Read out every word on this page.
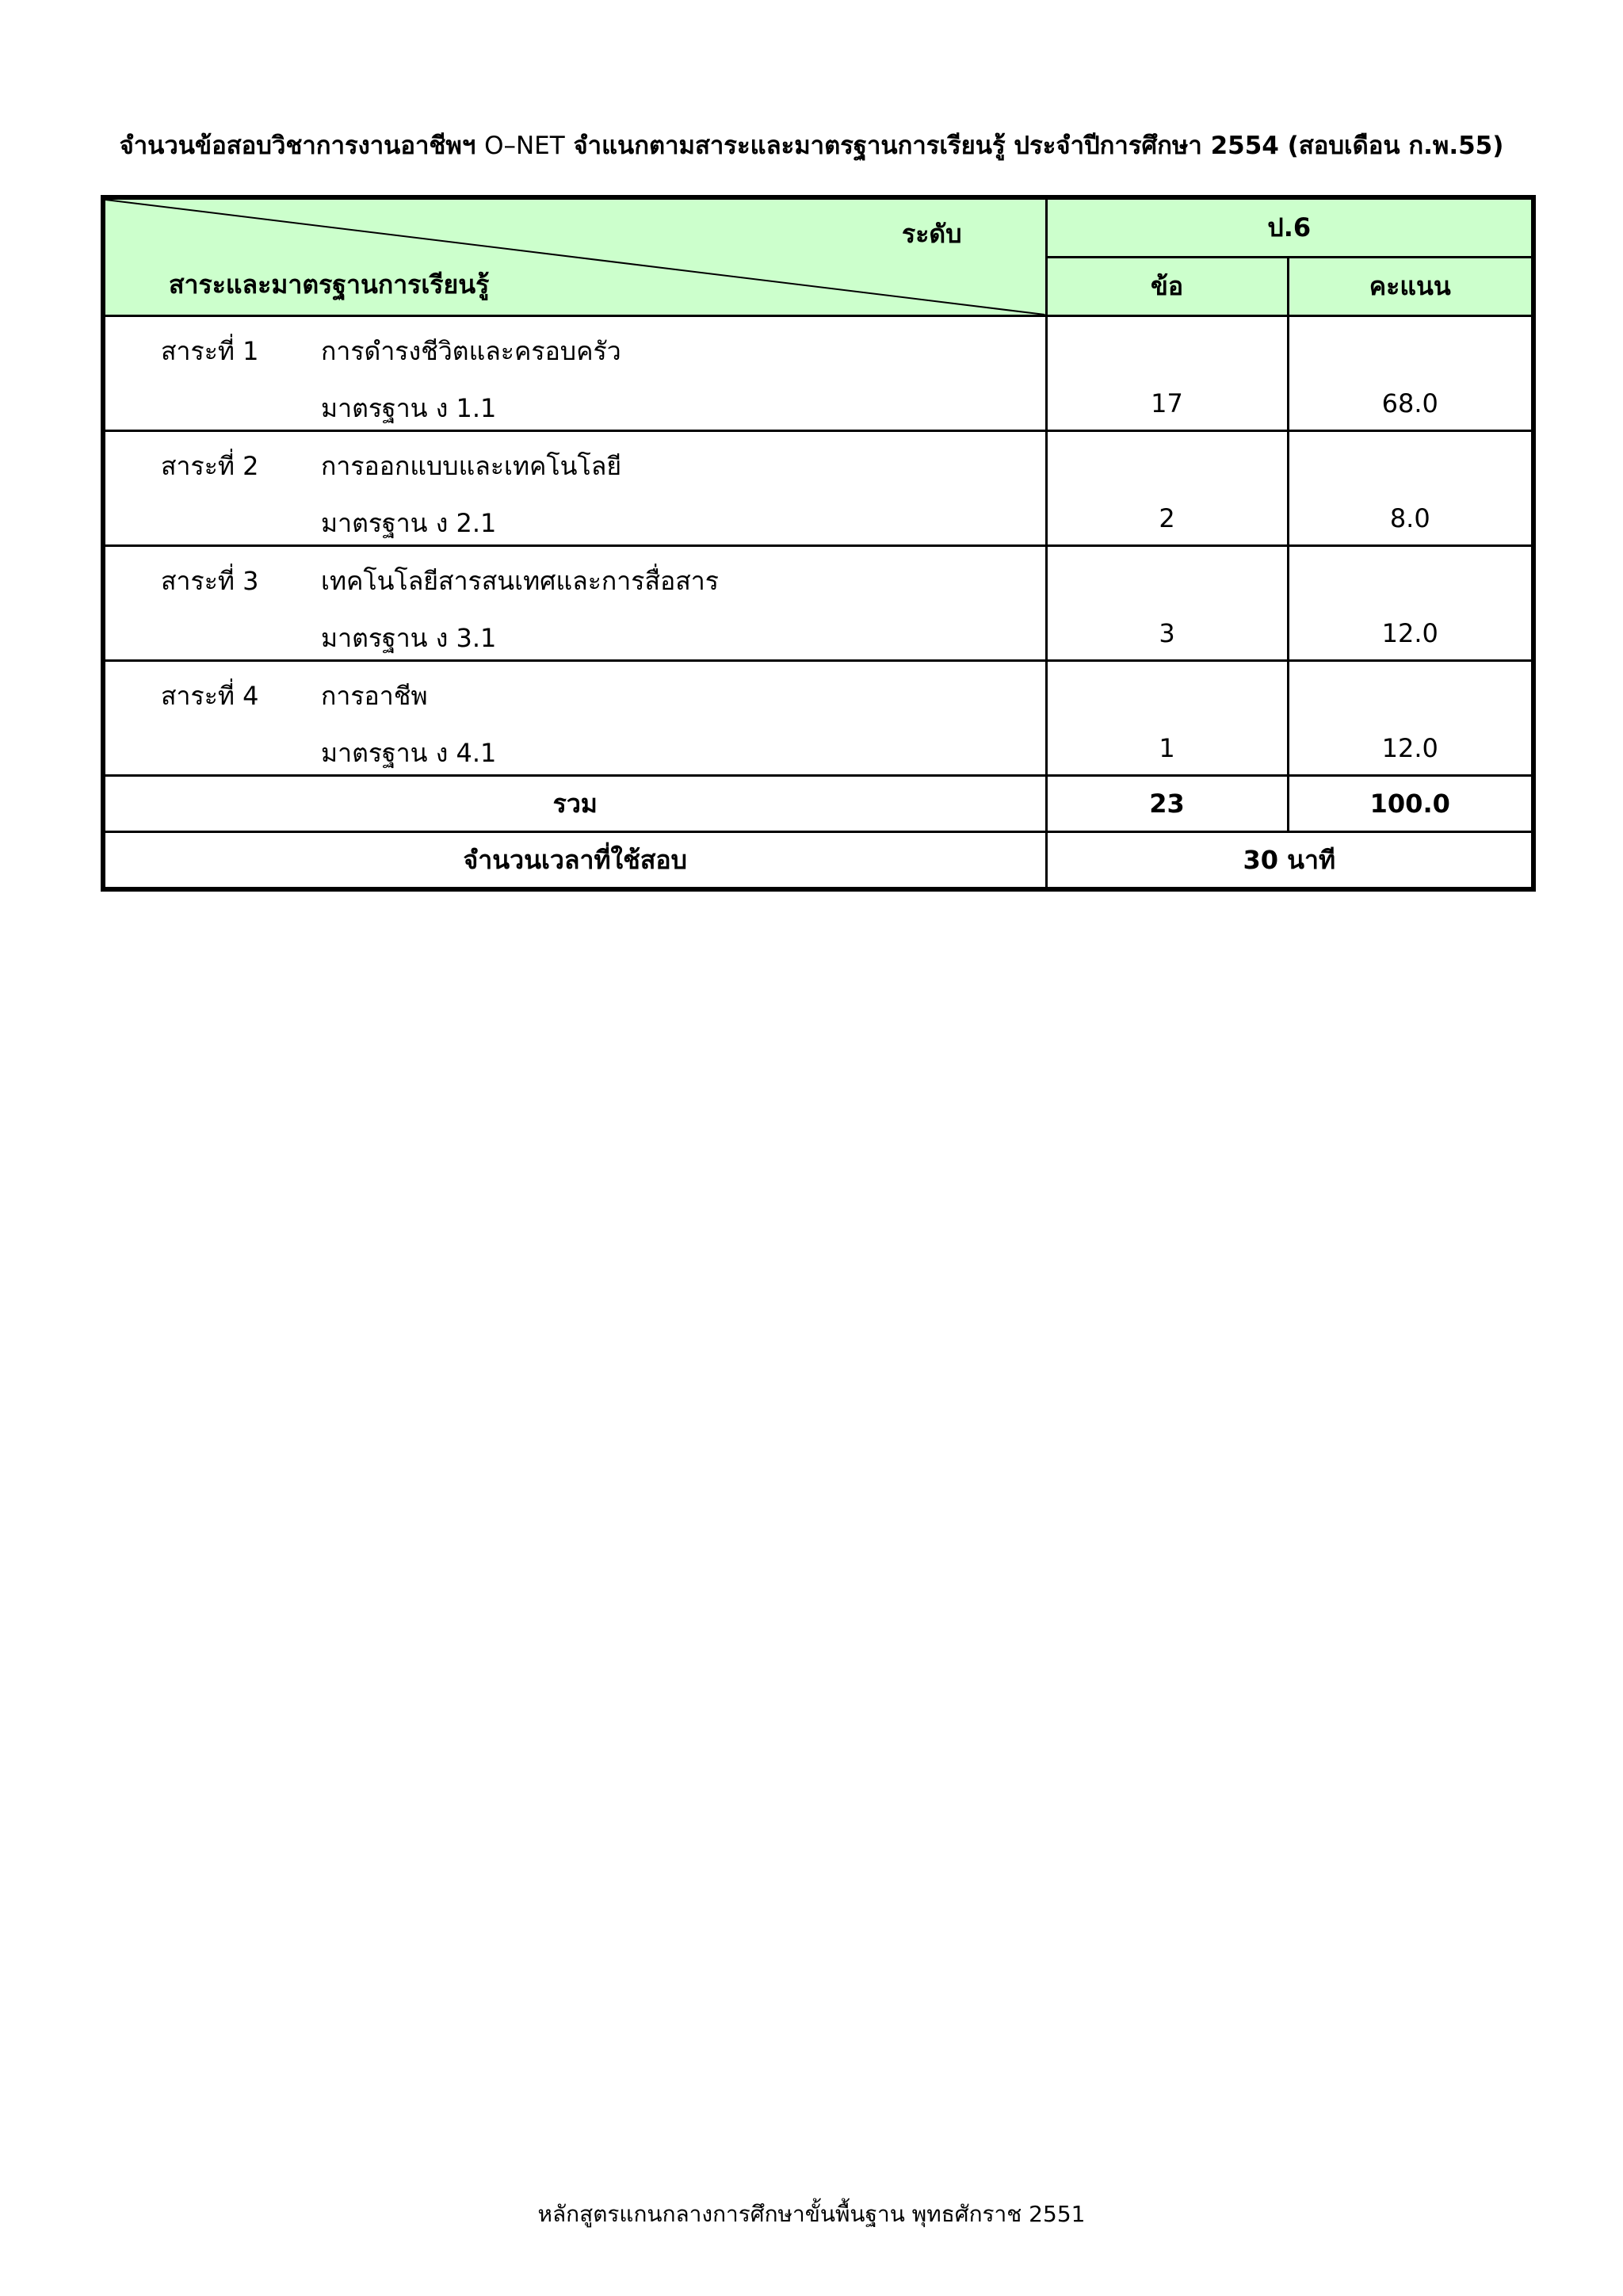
จำนวนข้อสอบวิชาการงานอาชีพฯ O–NET จำแนกตามสาระและมาตรฐานการเรียนรู้ ประจำปีการศึกษา 2554 (สอบเดือน ก.พ.55)
ระดับ
สาระและมาตรฐานการเรียนรู้	ป.6	
	ข้อ	คะแนน

สาระที่ 1 การดำรงชีวิตและครอบครัว
มาตรฐาน ง 1.1	17	68.0

สาระที่ 2 การออกแบบและเทคโนโลยี
มาตรฐาน ง 2.1	2	8.0

สาระที่ 3 เทคโนโลยีสารสนเทศและการสื่อสาร
มาตรฐาน ง 3.1	3	12.0

สาระที่ 4 การอาชีพ
มาตรฐาน ง 4.1	1	12.0

รวม	23	100.0
จำนวนเวลาที่ใช้สอบ	30 นาที	
หลักสูตรแกนกลางการศึกษาขั้นพื้นฐาน พุทธศักราช 2551
